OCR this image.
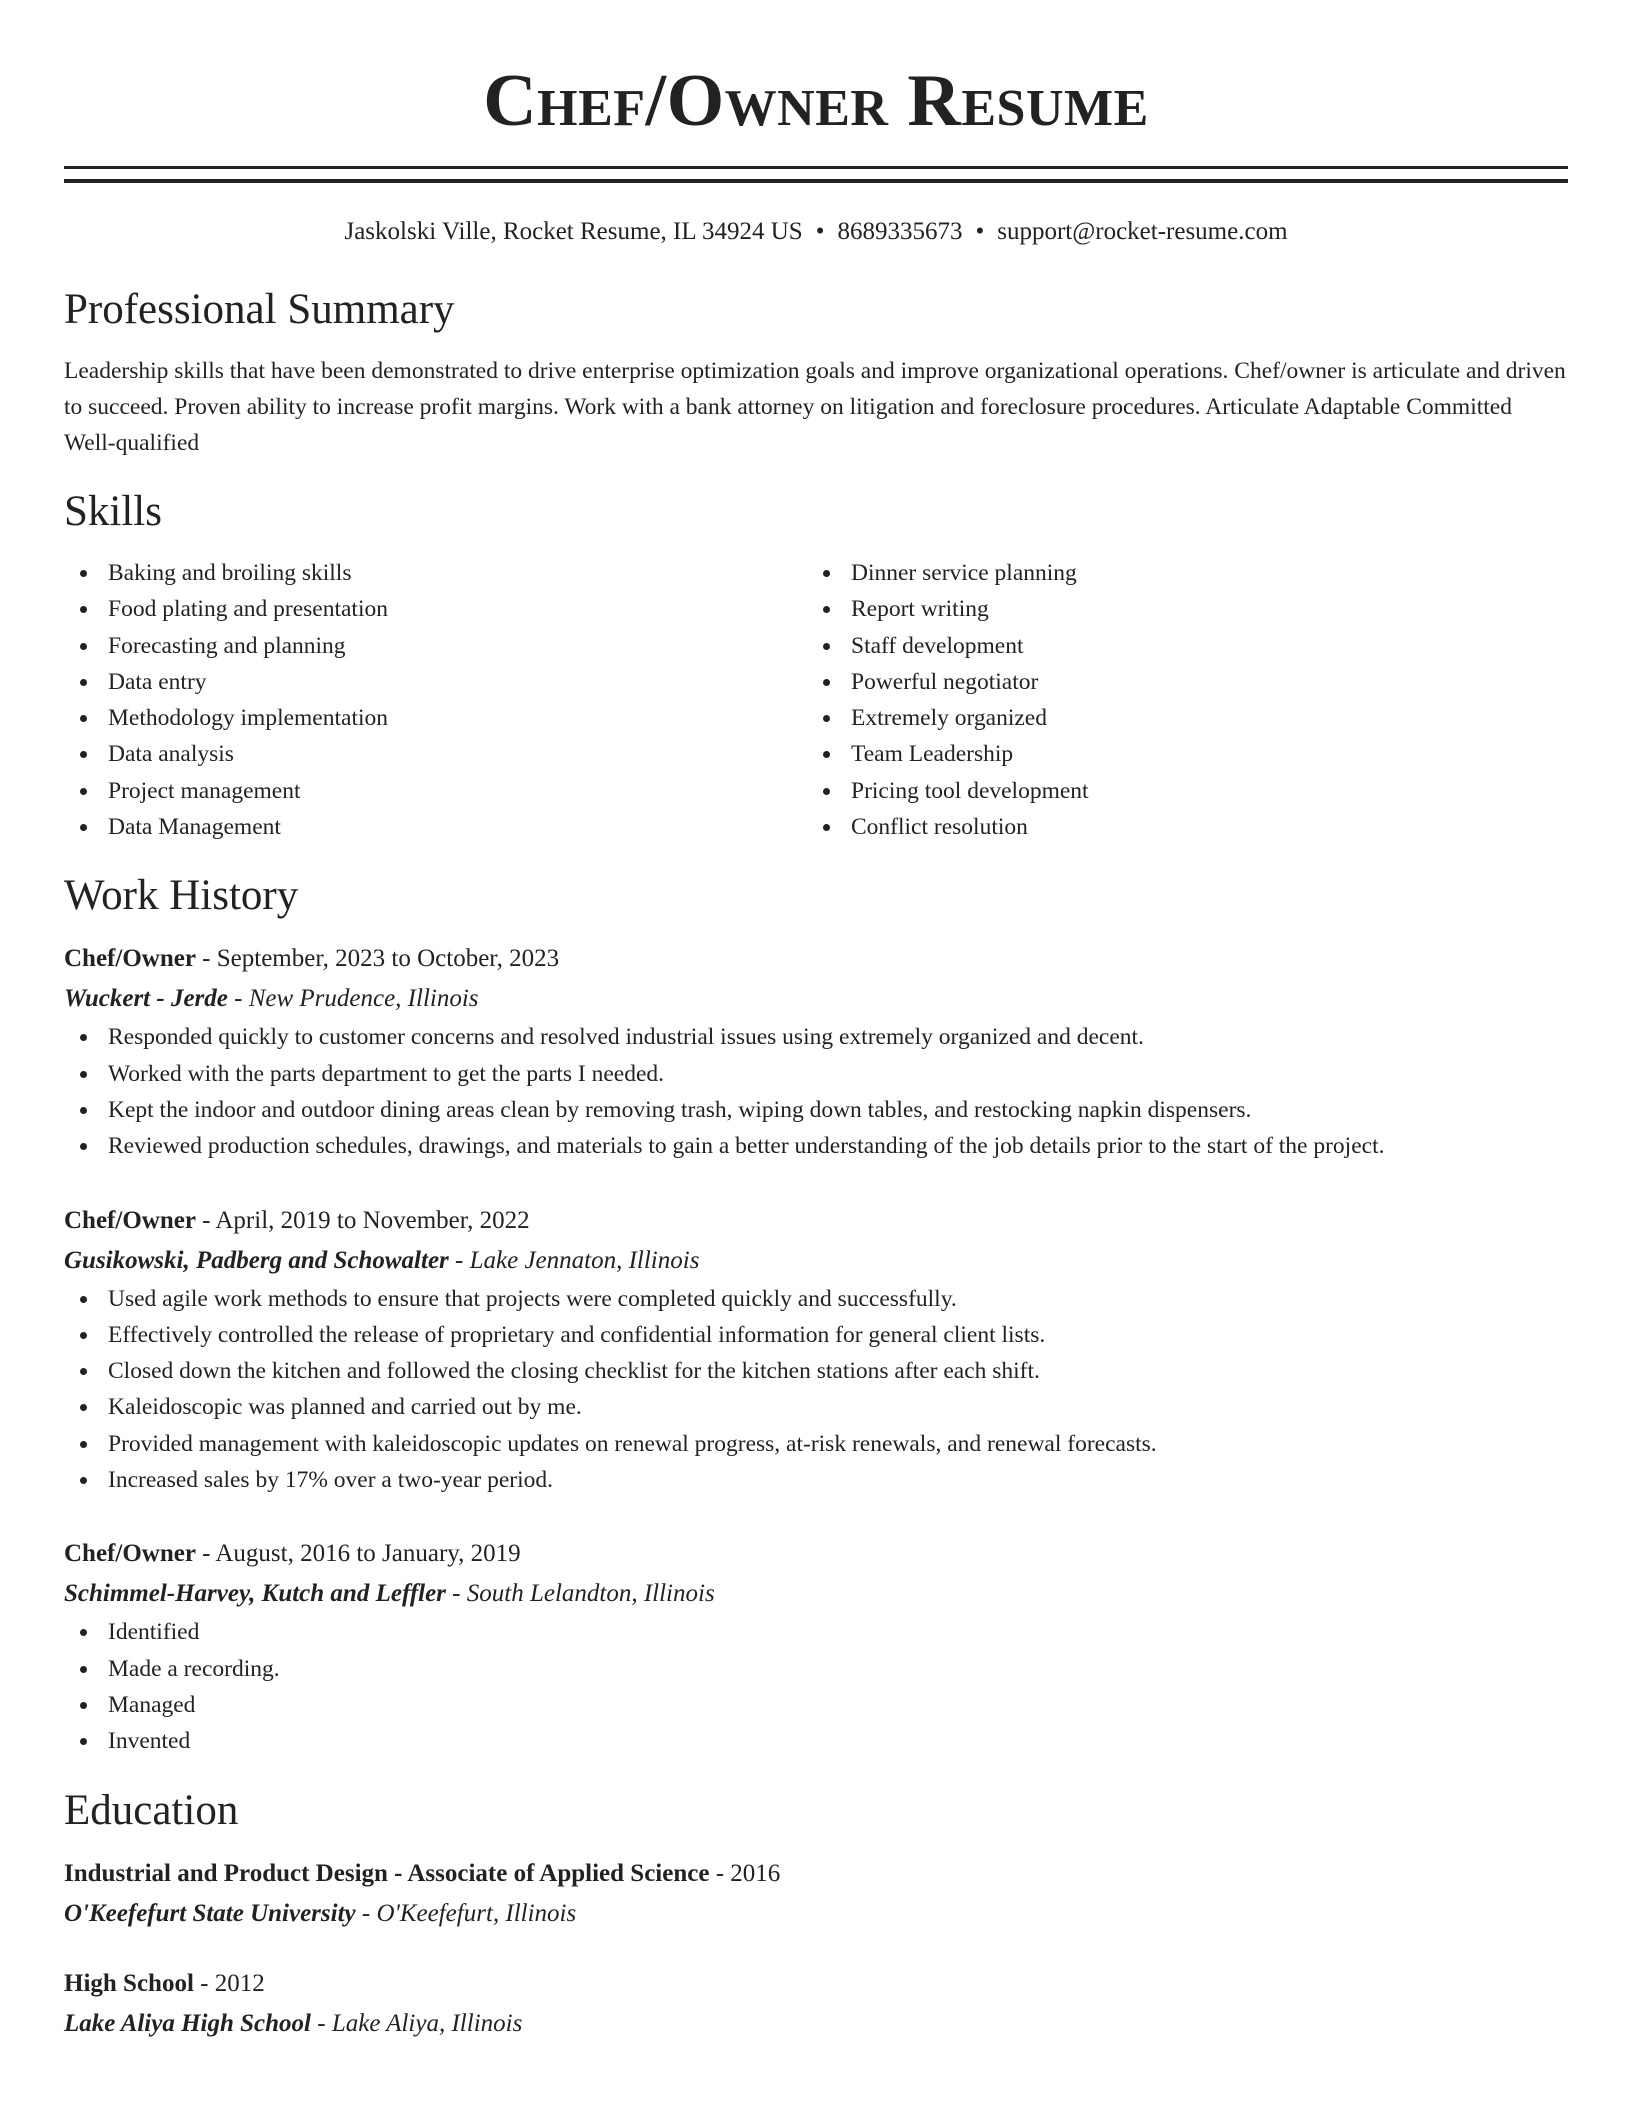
Chef/Owner Resume
Jaskolski Ville, Rocket Resume, IL 34924 US • 8689335673 • support@rocket-resume.com
Professional Summary

Leadership skills that have been demonstrated to drive enterprise optimization goals and improve organizational operations. Chef/owner is articulate and driven to succeed. Proven ability to increase profit margins. Work with a bank attorney on litigation and foreclosure procedures. Articulate Adaptable Committed Well-qualified

Skills
Baking and broiling skills
Food plating and presentation
Forecasting and planning
Data entry
Methodology implementation
Data analysis
Project management
Data Management
Dinner service planning
Report writing
Staff development
Powerful negotiator
Extremely organized
Team Leadership
Pricing tool development
Conflict resolution
Work History
Chef/Owner - September, 2023 to October, 2023
Wuckert - Jerde - New Prudence, Illinois
Responded quickly to customer concerns and resolved industrial issues using extremely organized and decent.
Worked with the parts department to get the parts I needed.
Kept the indoor and outdoor dining areas clean by removing trash, wiping down tables, and restocking napkin dispensers.
Reviewed production schedules, drawings, and materials to gain a better understanding of the job details prior to the start of the project.
Chef/Owner - April, 2019 to November, 2022
Gusikowski, Padberg and Schowalter - Lake Jennaton, Illinois
Used agile work methods to ensure that projects were completed quickly and successfully.
Effectively controlled the release of proprietary and confidential information for general client lists.
Closed down the kitchen and followed the closing checklist for the kitchen stations after each shift.
Kaleidoscopic was planned and carried out by me.
Provided management with kaleidoscopic updates on renewal progress, at-risk renewals, and renewal forecasts.
Increased sales by 17% over a two-year period.
Chef/Owner - August, 2016 to January, 2019
Schimmel-Harvey, Kutch and Leffler - South Lelandton, Illinois
Identified
Made a recording.
Managed
Invented
Education
Industrial and Product Design - Associate of Applied Science - 2016
O'Keefefurt State University - O'Keefefurt, Illinois
High School - 2012
Lake Aliya High School - Lake Aliya, Illinois
